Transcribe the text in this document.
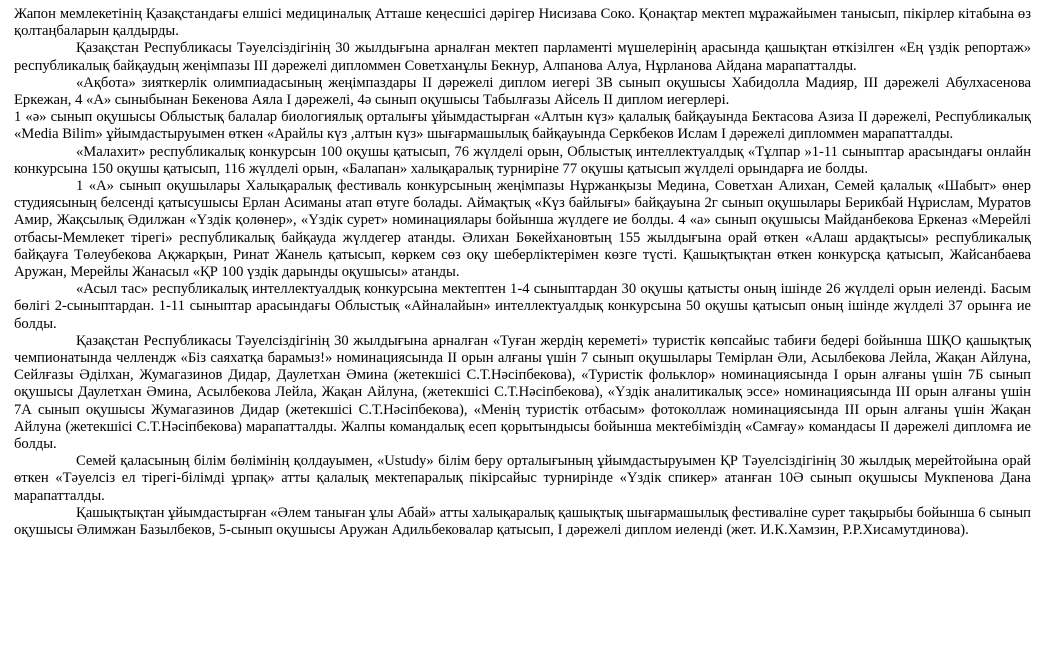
Жапон мемлекетінің Қазақстандағы елшісі медициналық Атташе кеңесшісі дәрігер Нисизава Соко. Қонақтар мектеп мұражайымен танысып, пікірлер кітабына өз қолтаңбаларын қалдырды.

Қазақстан Республикасы Тәуелсіздігінің 30 жылдығына арналған мектеп парламенті мүшелерінің арасында қашықтан өткізілген «Ең үздік репортаж» республикалық байқаудың жеңімпазы ІІІ дәрежелі дипломмен Советханұлы Бекнур, Алпанова Алуа, Нұрланова Айдана марапатталды.

«Ақбота» зияткерлік олимпиадасының жеңімпаздары ІІ дәрежелі диплом иегері 3В сынып оқушысы Хабидолла Мадияр, ІІІ дәрежелі Абулхасенова Еркежан, 4 «А» сыныбынан Бекенова Аяла І дәрежелі, 4ә сынып оқушысы Табылғазы Айсель ІІ диплом иегерлері.

1 «ә» сынып оқушысы Облыстық балалар биологиялық орталығы ұйымдастырған «Алтын күз» қалалық байқауында Бектасова Азиза ІІ дәрежелі, Республикалық «Media Bilim» ұйымдастыруымен өткен «Арайлы күз ,алтын күз» шығармашылық байқауында Серкбеков Ислам І дәрежелі дипломмен марапатталды.

«Малахит» республикалық конкурсын 100 оқушы қатысып, 76 жүлделі орын, Облыстық интеллектуалдық «Тұлпар »1-11 сыныптар арасындағы онлайн конкурсына 150 оқушы қатысып, 116 жүлделі орын, «Балапан» халықаралық турниріне 77 оқушы қатысып жүлделі орындарға ие болды.

1 «А» сынып оқушылары Халықаралық фестиваль конкурсының жеңімпазы Нұржанқызы Медина, Советхан Алихан, Семей қалалық «Шабыт» өнер студиясының белсенді қатысушысы Ерлан Асиманы атап өтуге болады. Аймақтық «Күз байлығы» байқауына 2г сынып оқушылары Берикбай Нұрислам, Муратов Амир, Жақсылық Әдилжан «Үздік қолөнер», «Үздік сурет» номинациялары бойынша жүлдеге ие болды. 4 «а» сынып оқушысы Майданбекова Еркеназ «Мерейлі отбасы-Мемлекет тірегі» республикалық байқауда жүлдегер атанды. Әлихан Бөкейхановтың 155 жылдығына орай өткен «Алаш ардақтысы» республикалық байқауға Төлеубекова Ақжарқын, Ринат Жанель қатысып, көркем сөз оқу шеберліктерімен көзге түсті. Қашықтықтан өткен конкурсқа қатысып, Жайсанбаева Аружан, Мерейлы Жанасыл «ҚР 100 үздік дарынды оқушысы» атанды.

«Асыл тас» республикалық интеллектуалдық конкурсына мектептен 1-4 сыныптардан 30 оқушы қатысты оның ішінде 26 жүлделі орын иеленді. Басым бөлігі 2-сыныптардан. 1-11 сыныптар арасындағы Облыстық «Айналайын» интеллектуалдық конкурсына 50 оқушы қатысып оның ішінде жүлделі 37 орынға ие болды.

Қазақстан Республикасы Тәуелсіздігінің 30 жылдығына арналған «Туған жердің кереметі» туристік көпсайыс табиғи бедері бойынша ШҚО қашықтық чемпионатында челлендж «Біз саяхатқа барамыз!» номинациясында ІІ орын алғаны үшін 7 сынып оқушылары Темірлан Әли, Асылбекова Лейла, Жақан Айлуна, Сейлғазы Әділхан, Жумагазинов Дидар, Даулетхан Әмина (жетекшісі С.Т.Нәсіпбекова), «Туристік фольклор» номинациясында І орын алғаны үшін 7Б сынып оқушысы Даулетхан Әмина, Асылбекова Лейла, Жақан Айлуна, (жетекшісі С.Т.Нәсіпбекова), «Үздік аналитикалық эссе» номинациясында ІІІ орын алғаны үшін 7А сынып оқушысы Жумагазинов Дидар (жетекшісі С.Т.Нәсіпбекова), «Менің туристік отбасым» фотоколлаж номинациясында ІІІ орын алғаны үшін Жақан Айлуна (жетекшісі С.Т.Нәсіпбекова) марапатталды. Жалпы командалық есеп қорытындысы бойынша мектебіміздің «Самғау» командасы ІІ дәрежелі дипломға ие болды.

Семей қаласының білім бөлімінің қолдауымен, «Ustudy» білім беру орталығының ұйымдастыруымен ҚР Тәуелсіздігінің 30 жылдық мерейтойына орай өткен «Тәуелсіз ел тірегі-білімді ұрпақ» атты қалалық мектепаралық пікірсайыс турнирінде «Үздік спикер» атанған 10Ә сынып оқушысы Мукпенова Дана марапатталды.

Қашықтықтан ұйымдастырған «Әлем таныған ұлы Абай» атты халықаралық қашықтық шығармашылық фестиваліне сурет тақырыбы бойынша 6 сынып оқушысы Әлимжан Базылбеков, 5-сынып оқушысы Аружан Адильбековалар қатысып, І дәрежелі диплом иеленді (жет. И.К.Хамзин, Р.Р.Хисамутдинова).
